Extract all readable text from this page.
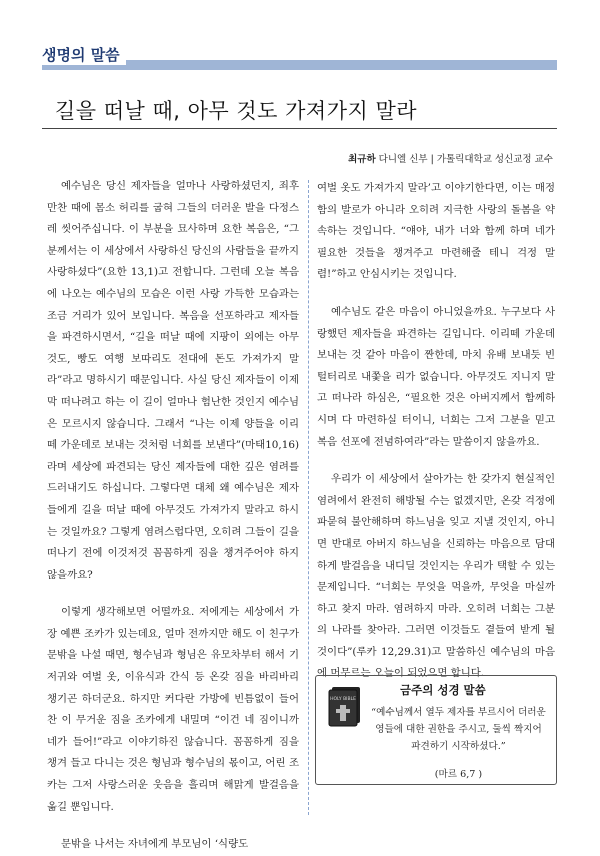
생명의 말씀
길을 떠날 때, 아무 것도 가져가지 말라
최규하 다니엘 신부 | 가톨릭대학교 성신교정 교수

예수님은 당신 제자들을 얼마나 사랑하셨던지, 죄후 만찬 때에 몸소 허리를 굽혀 그들의 더러운 발을 다정스레 씻어주십니다. 이 부분을 묘사하며 요한 복음은, “그분께서는 이 세상에서 사랑하신 당신의 사람들을 끝까지 사랑하셨다”(요한 13,1)고 전합니다. 그런데 오늘 복음에 나오는 예수님의 모습은 이런 사랑 가득한 모습과는 조금 거리가 있어 보입니다. 복음을 선포하라고 제자들을 파견하시면서, “길을 떠날 때에 지팡이 외에는 아무것도, 빵도 여행 보따리도 전대에 돈도 가져가지 말라”라고 명하시기 때문입니다. 사실 당신 제자들이 이제 막 떠나려고 하는 이 길이 얼마나 험난한 것인지 예수님은 모르시지 않습니다. 그래서 “나는 이제 양들을 이리 떼 가운데로 보내는 것처럼 너희를 보낸다”(마태10,16)라며 세상에 파견되는 당신 제자들에 대한 깊은 염려를 드러내기도 하십니다. 그렇다면 대체 왜 예수님은 제자들에게 길을 떠날 때에 아무것도 가져가지 말라고 하시는 것일까요? 그렇게 염려스럽다면, 오히려 그들이 길을 떠나기 전에 이것저것 꼼꼼하게 짐을 챙겨주어야 하지 않을까요?

이렇게 생각해보면 어떨까요. 저에게는 세상에서 가장 예쁜 조카가 있는데요, 얼마 전까지만 해도 이 친구가 문밖을 나설 때면, 형수님과 형님은 유모차부터 해서 기저귀와 여벌 옷, 이유식과 간식 등 온갖 짐을 바리바리 챙기곤 하더군요. 하지만 커다란 가방에 빈틈없이 들어찬 이 무거운 짐을 조카에게 내밀며 “이건 네 짐이니까 네가 들어!”라고 이야기하진 않습니다. 꼼꼼하게 짐을 챙겨 들고 다니는 것은 형님과 형수님의 몫이고, 어린 조카는 그저 사랑스러운 웃음을 흘리며 해맑게 발걸음을 옮길 뿐입니다.

문밖을 나서는 자녀에게 부모님이 ‘식량도

여벌 옷도 가져가지 말라’고 이야기한다면, 이는 매정함의 발로가 아니라 오히려 지극한 사랑의 돌봄을 약속하는 것입니다. “얘야, 내가 너와 함께 하며 네가 필요한 것들을 챙겨주고 마련해줄 테니 걱정 말렴!”하고 안심시키는 것입니다.

예수님도 같은 마음이 아니었을까요. 누구보다 사랑했던 제자들을 파견하는 길입니다. 이리떼 가운데 보내는 것 같아 마음이 짠한데, 마치 유배 보내듯 빈털터리로 내쫓을 리가 없습니다. 아무것도 지니지 말고 떠나라 하심은, “필요한 것은 아버지께서 함께하시며 다 마련하실 터이니, 너희는 그저 그분을 믿고 복음 선포에 전념하여라”라는 말씀이지 않을까요.

우리가 이 세상에서 살아가는 한 갖가지 현실적인 염려에서 완전히 해방될 수는 없겠지만, 온갖 걱정에 파묻혀 불안해하며 하느님을 잊고 지낼 것인지, 아니면 반대로 아버지 하느님을 신뢰하는 마음으로 담대하게 발걸음을 내디딜 것인지는 우리가 택할 수 있는 문제입니다. “너희는 무엇을 먹을까, 무엇을 마실까 하고 찾지 마라. 염려하지 마라. 오히려 너희는 그분의 나라를 찾아라. 그러면 이것들도 곁들여 받게 될 것이다”(루카 12,29.31)고 말씀하신 예수님의 마음에 머무르는 오늘이 되었으면 합니다.

HOLY BIBLE
금주의 성경 말씀
“예수님께서 열두 제자를 부르시어 더러운 영들에 대한 권한을 주시고, 둘씩 짝지어 파견하기 시작하셨다.”
(마르 6,7 )
